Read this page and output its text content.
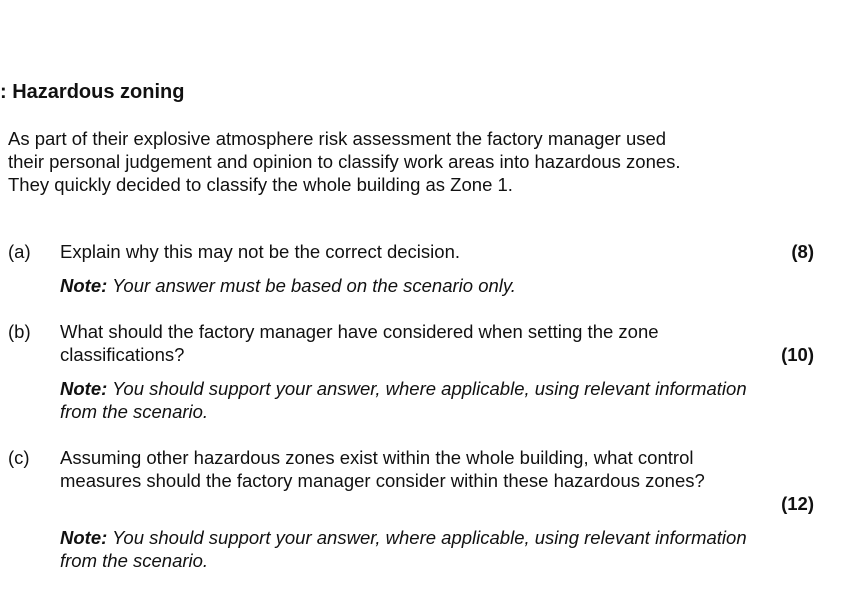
: Hazardous zoning

As part of their explosive atmosphere risk assessment the factory manager used their personal judgement and opinion to classify work areas into hazardous zones. They quickly decided to classify the whole building as Zone 1.

(a) Explain why this may not be the correct decision.	(8)

Note: Your answer must be based on the scenario only.

(b) What should the factory manager have considered when setting the zone classifications?	(10)

Note: You should support your answer, where applicable, using relevant information from the scenario.

(c) Assuming other hazardous zones exist within the whole building, what control measures should the factory manager consider within these hazardous zones?

(12)

Note: You should support your answer, where applicable, using relevant information from the scenario.
